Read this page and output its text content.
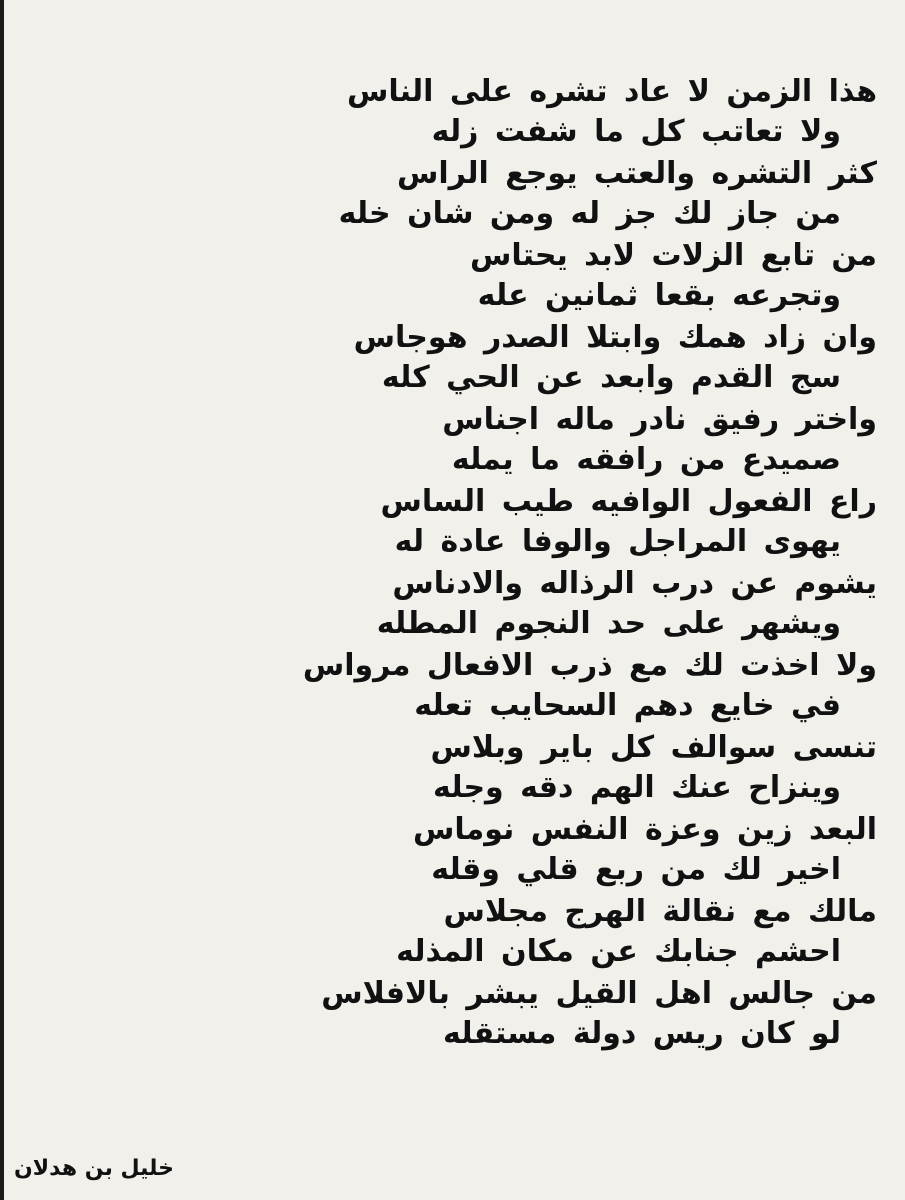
هذا الزمن لا عاد تشره على الناس
ولا تعاتب كل ما شفت زله
كثر التشره والعتب يوجع الراس
من جاز لك جز له ومن شان خله
من تابع الزلات لابد يحتاس
وتجرعه بقعا ثمانين عله
وان زاد همك وابتلا الصدر هوجاس
سج القدم وابعد عن الحي كله
واختر رفيق نادر ماله اجناس
صميدع من رافقه ما يمله
راع الفعول الوافيه طيب الساس
يهوى المراجل والوفا عادة له
يشوم عن درب الرذاله والادناس
ويشهر على حد النجوم المطله
ولا اخذت لك مع ذرب الافعال مرواس
في خايع دهم السحايب تعله
تنسى سوالف كل باير وبلاس
وينزاح عنك الهم دقه وجله
البعد زين وعزة النفس نوماس
اخير لك من ربع قلي وقله
مالك مع نقالة الهرج مجلاس
احشم جنابك عن مكان المذله
من جالس اهل القيل يبشر بالافلاس
لو كان ريس دولة مستقله
خليل بن هدلان
